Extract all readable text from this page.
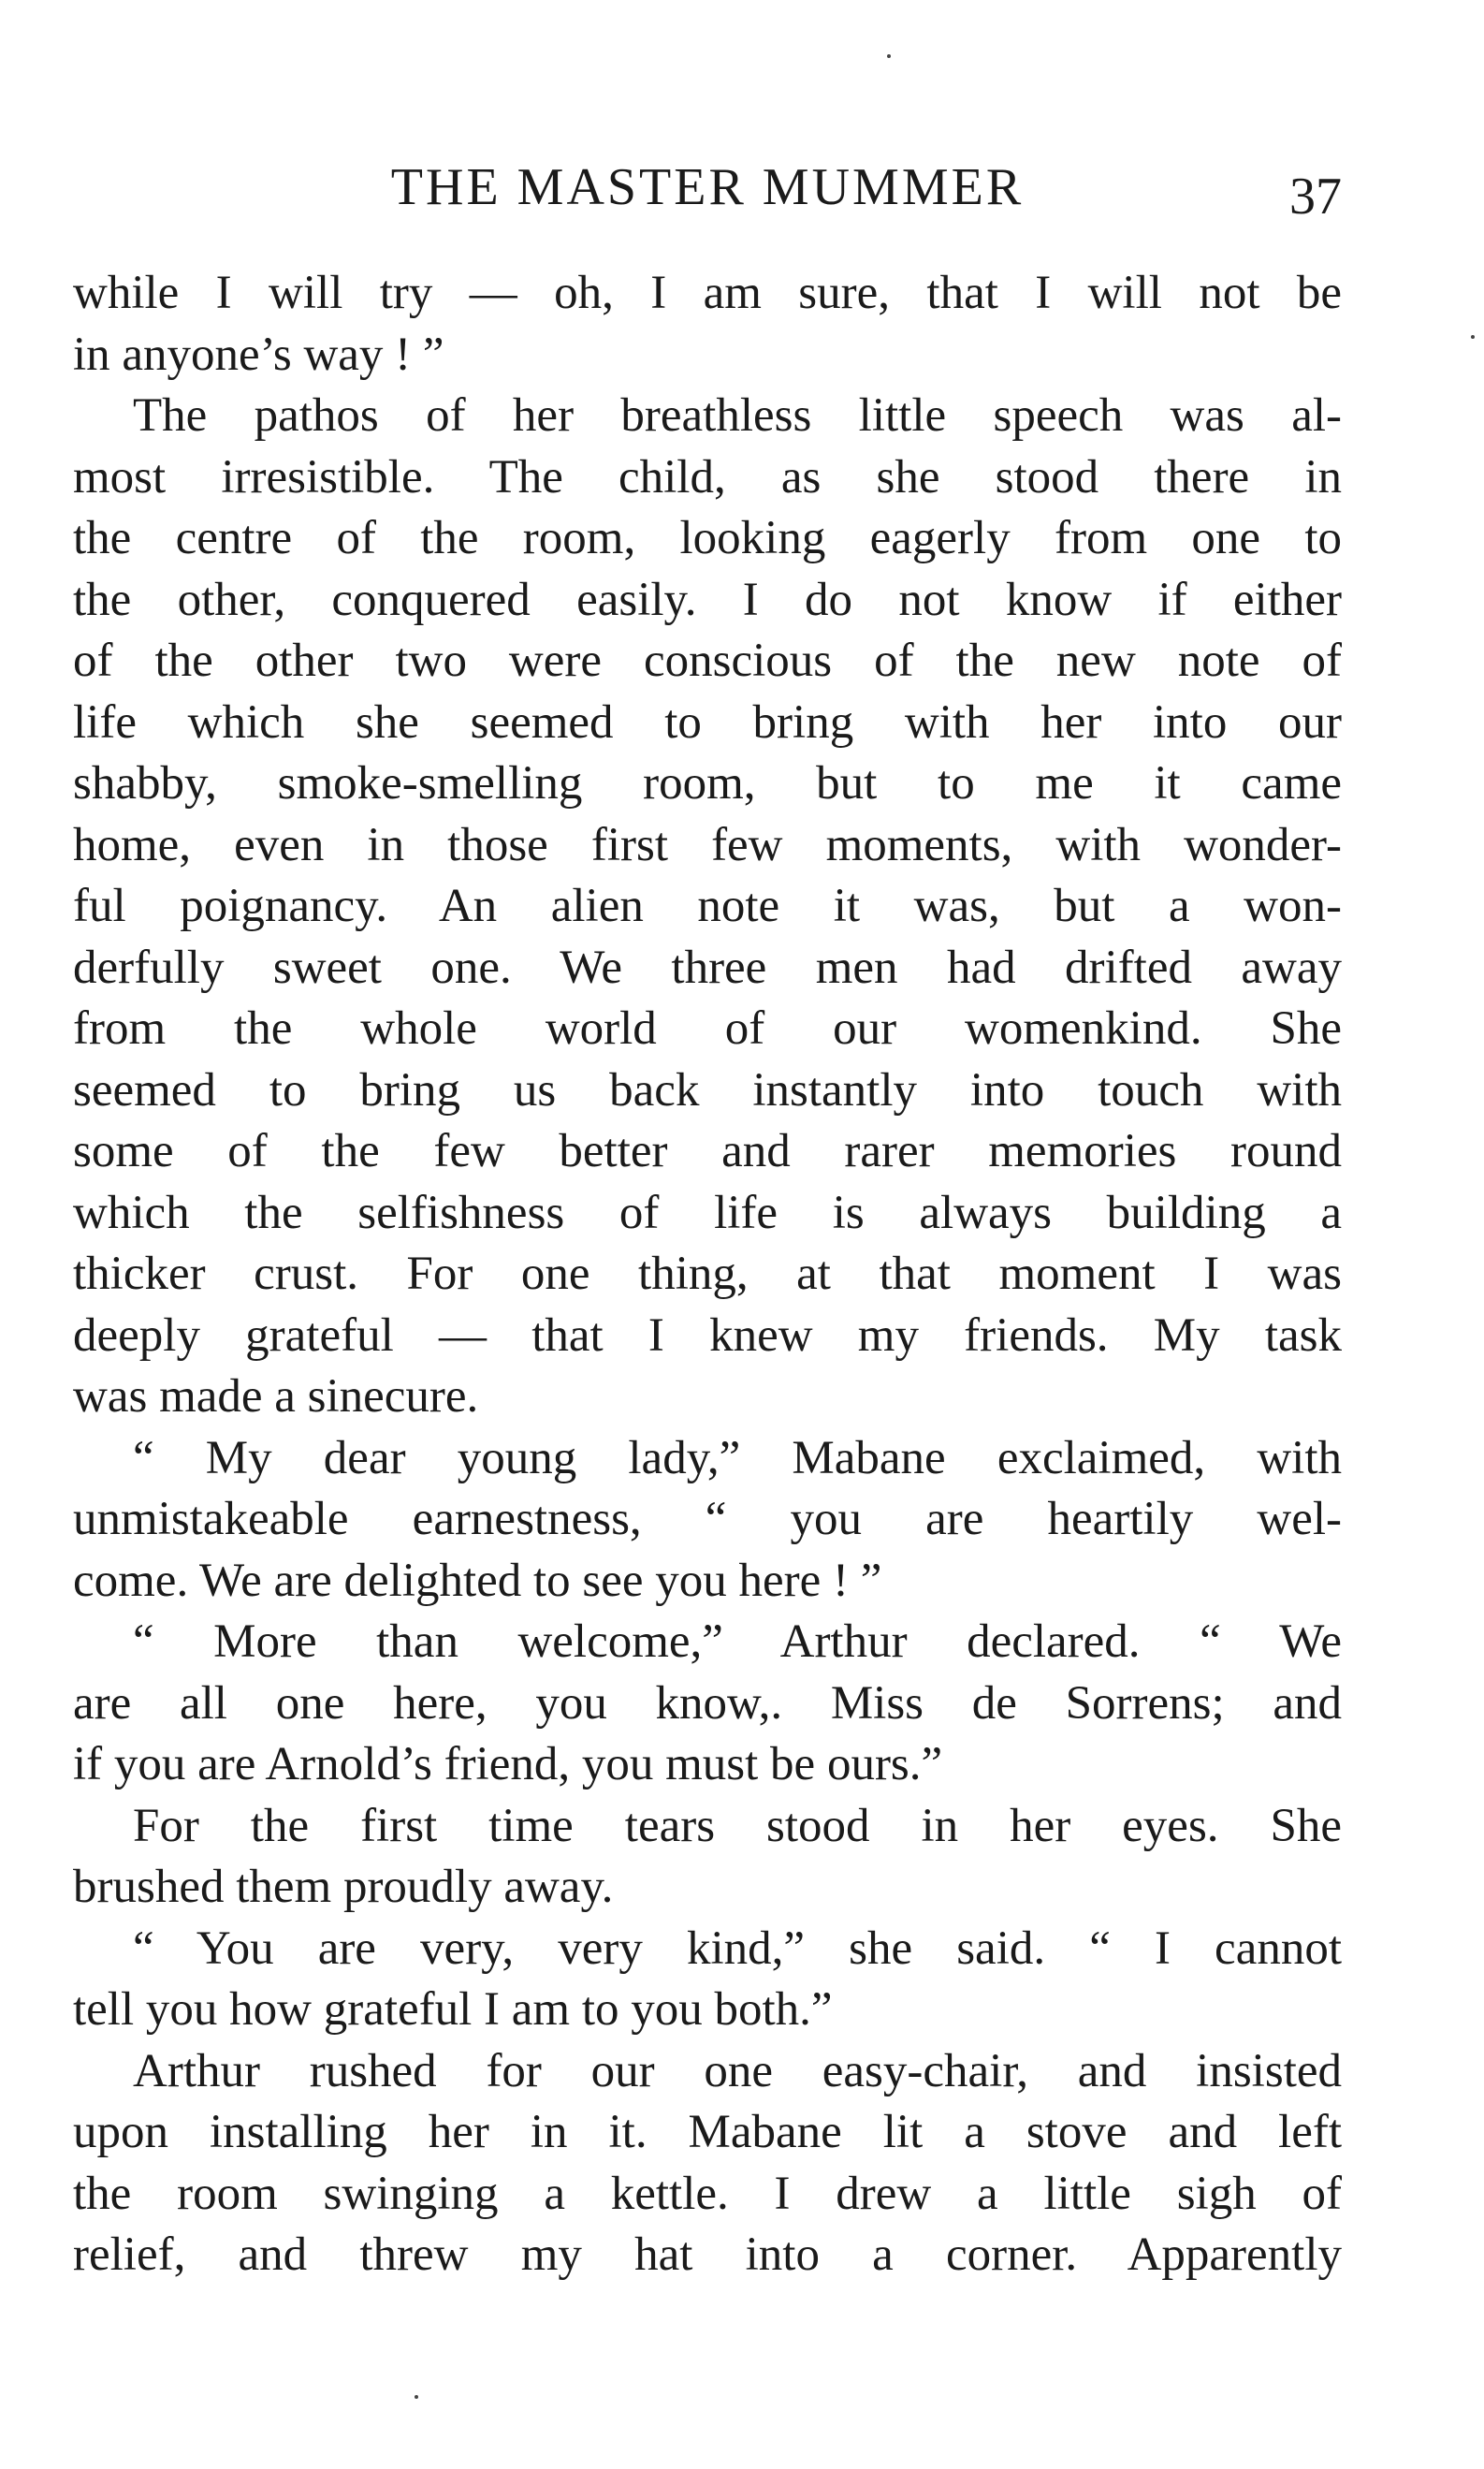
THE MASTER MUMMER	37
while I will try — oh, I am sure, that I will not be
in anyone’s way ! ”
The pathos of her breathless little speech was al-
most irresistible. The child, as she stood there in
the centre of the room, looking eagerly from one to
the other, conquered easily. I do not know if either
of the other two were conscious of the new note of
life which she seemed to bring with her into our
shabby, smoke-smelling room, but to me it came
home, even in those first few moments, with wonder-
ful poignancy. An alien note it was, but a won-
derfully sweet one. We three men had drifted away
from the whole world of our womenkind. She
seemed to bring us back instantly into touch with
some of the few better and rarer memories round
which the selfishness of life is always building a
thicker crust. For one thing, at that moment I was
deeply grateful — that I knew my friends. My task
was made a sinecure.
“ My dear young lady,” Mabane exclaimed, with
unmistakeable earnestness, “ you are heartily wel-
come. We are delighted to see you here ! ”
“ More than welcome,” Arthur declared. “ We
are all one here, you know,. Miss de Sorrens; and
if you are Arnold’s friend, you must be ours.”
For the first time tears stood in her eyes. She
brushed them proudly away.
“ You are very, very kind,” she said. “ I cannot
tell you how grateful I am to you both.”
Arthur rushed for our one easy-chair, and insisted
upon installing her in it. Mabane lit a stove and left
the room swinging a kettle. I drew a little sigh of
relief, and threw my hat into a corner. Apparently
